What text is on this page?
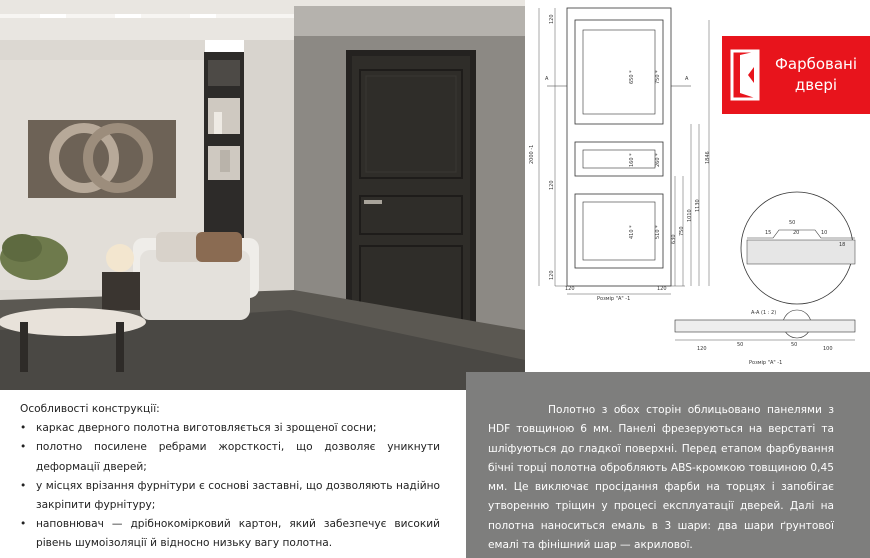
A	A
2000 -1
120
120
120
650 *	750 *
160 *	260 *
410 *	510 *
630
750
1010
1130
1846
120	120
Розмір "А" -1
50
15	20	10
18
A-A (1 : 2)
120
50	50
100
Розмір "А" -1
Фарбовані
двері
Особливості конструкції:
• каркас дверного полотна виготовляється зі зрощеної сосни;
• полотно посилене ребрами жорсткості, що дозволяє уникнути деформації дверей;
• у місцях врізання фурнітури є соснові заставні, що дозволяють надійно закріпити фурнітуру;
• наповнювач — дрібнокоміркoвий картон, який забезпечує високий рівень шумоізоляції й відносно низьку вагу полотна.

Полотно з обох сторін облицьовано панелями з HDF товщиною 6 мм. Панелі фрезеруються на верстаті та шліфуються до гладкої поверхні. Перед етапом фарбування бічні торці полотна обробляють ABS-кромкою товщиною 0,45 мм. Це виключає просідання фарби на торцях і запобігає утворенню тріщин у процесі експлуатації дверей. Далі на полотна наноситься емаль в 3 шари: два шари ґрунтової емалі та фінішний шар — акрилової.
